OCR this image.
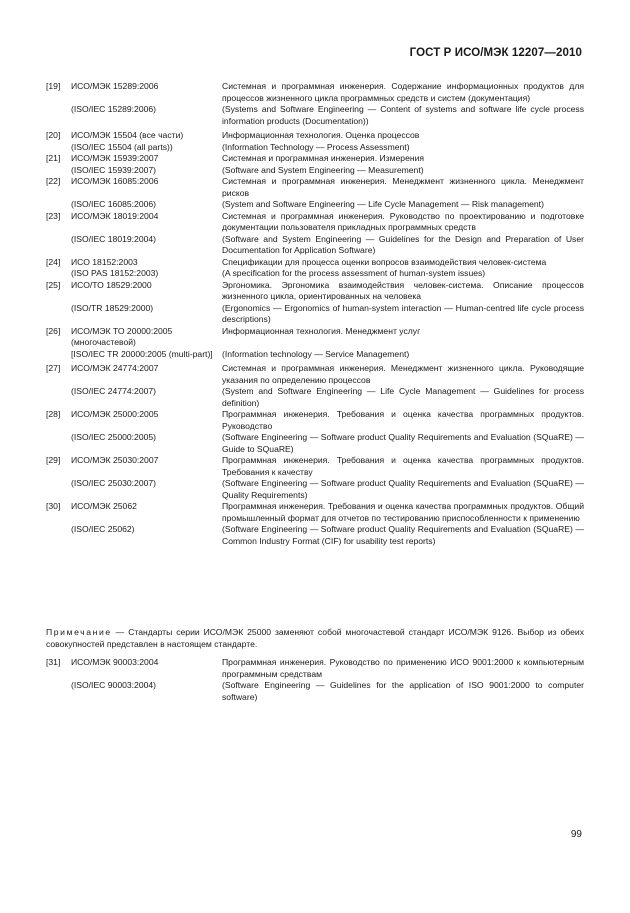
ГОСТ Р ИСО/МЭК 12207—2010
[19]	ИСО/МЭК 15289:2006	Системная и программная инженерия. Содержание информационных продуктов для процессов жизненного цикла программных средств и систем (документация)
	(ISO/IEC 15289:2006)	(Systems and Software Engineering — Content of systems and software life cycle process information products (Documentation))
[20]	ИСО/МЭК 15504 (все части)	Информационная технология. Оценка процессов
	(ISO/IEC 15504 (all parts))	(Information Technology — Process Assessment)
[21]	ИСО/МЭК 15939:2007	Системная и программная инженерия. Измерения
	(ISO/IEC 15939:2007)	(Software and System Engineering — Measurement)
[22]	ИСО/МЭК 16085:2006	Системная и программная инженерия. Менеджмент жизненного цикла. Менеджмент рисков
	(ISO/IEC 16085:2006)	(System and Software Engineering — Life Cycle Management — Risk management)
[23]	ИСО/МЭК 18019:2004	Системная и программная инженерия. Руководство по проектированию и подготовке документации пользователя прикладных программных средств
	(ISO/IEC 18019:2004)	(Software and System Engineering — Guidelines for the Design and Preparation of User Documentation for Application Software)
[24]	ИСО 18152:2003	Спецификации для процесса оценки вопросов взаимодействия человек-система
	(ISO PAS 18152:2003)	(A specification for the process assessment of human-system issues)
[25]	ИСО/ТО 18529:2000	Эргономика. Эргономика взаимодействия человек-система. Описание процессов жизненного цикла, ориентированных на человека
	(ISO/TR 18529:2000)	(Ergonomics — Ergonomics of human-system interaction — Human-centred life cycle process descriptions)
[26]	ИСО/МЭК ТО 20000:2005 (многочастевой)	Информационная технология. Менеджмент услуг
	[ISO/IEC TR 20000:2005 (multi-part)]	(Information technology — Service Management)
[27]	ИСО/МЭК 24774:2007	Системная и программная инженерия. Менеджмент жизненного цикла. Руководящие указания по определению процессов
	(ISO/IEC 24774:2007)	(System and Software Engineering — Life Cycle Management — Guidelines for process definition)
[28]	ИСО/МЭК 25000:2005	Программная инженерия. Требования и оценка качества программных продуктов. Руководство
	(ISO/IEC 25000:2005)	(Software Engineering — Software product Quality Requirements and Evaluation (SQuaRE) — Guide to SQuaRE)
[29]	ИСО/МЭК 25030:2007	Программная инженерия. Требования и оценка качества программных продуктов. Требования к качеству
	(ISO/IEC 25030:2007)	(Software Engineering — Software product Quality Requirements and Evaluation (SQuaRE) — Quality Requirements)
[30]	ИСО/МЭК 25062	Программная инженерия. Требования и оценка качества программных продуктов. Общий промышленный формат для отчетов по тестированию приспособленности к применению
	(ISO/IEC 25062)	(Software Engineering — Software product Quality Requirements and Evaluation (SQuaRE) — Common Industry Format (CIF) for usability test reports)
Примечание — Стандарты серии ИСО/МЭК 25000 заменяют собой многочастевой стандарт ИСО/МЭК 9126. Выбор из обеих совокупностей представлен в настоящем стандарте.
[31]	ИСО/МЭК 90003:2004	Программная инженерия. Руководство по применению ИСО 9001:2000 к компьютерным программным средствам
	(ISO/IEC 90003:2004)	(Software Engineering — Guidelines for the application of ISO 9001:2000 to computer software)
99
